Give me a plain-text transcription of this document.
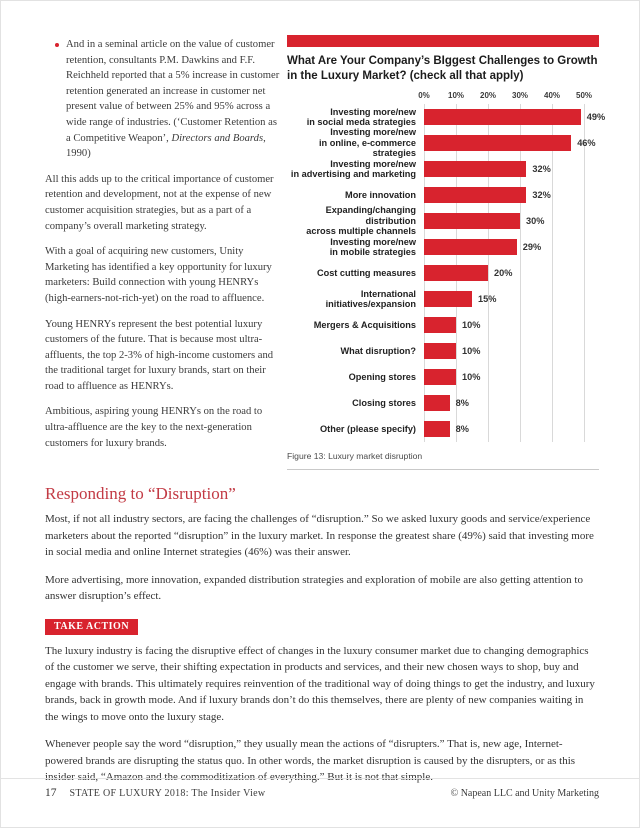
And in a seminal article on the value of customer retention, consultants P.M. Dawkins and F.F. Reichheld reported that a 5% increase in customer retention generated an increase in customer net present value of between 25% and 95% across a wide range of industries. (‘Customer Retention as a Competitive Weapon’, Directors and Boards, 1990)

All this adds up to the critical importance of customer retention and development, not at the expense of new customer acquisition strategies, but as a part of a company’s overall marketing strategy.

With a goal of acquiring new customers, Unity Marketing has identified a key opportunity for luxury marketers: Build connection with young HENRYs (high-earners-not-rich-yet) on the road to affluence.

Young HENRYs represent the best potential luxury customers of the future. That is because most ultra-affluents, the top 2-3% of high-income customers and the traditional target for luxury brands, start on their road to affluence as HENRYs.

Ambitious, aspiring young HENRYs on the road to ultra-affluence are the key to the next-generation customers for luxury brands.

What Are Your Company’s BIggest Challenges to Growth in the Luxury Market? (check all that apply)
0% 10% 20% 30% 40% 50%
Investing more/new
in social meda strategies	49%
Investing more/new
in online, e-commerce strategies
46%
Investing more/new
in advertising and marketing	32%
More innovation	32%
Expanding/changing distribution
across multiple channels
30%
Investing more/new
in mobile strategies	29%
Cost cutting measures	20%
International
initiatives/expansion	15%
Mergers & Acquisitions	10%
What disruption?	10%
Opening stores	10%
Closing stores	8%
Other (please specify)	8%
Figure 13: Luxury market disruption
Responding to “Disruption”

Most, if not all industry sectors, are facing the challenges of “disruption.” So we asked luxury goods and service/experience marketers about the reported “disruption” in the luxury market. In response the greatest share (49%) said that investing more in social media and online Internet strategies (46%) was their answer.

More advertising, more innovation, expanded distribution strategies and exploration of mobile are also getting attention to answer disruption’s effect.

TAKE ACTION

The luxury industry is facing the disruptive effect of changes in the luxury consumer market due to changing demographics of the customer we serve, their shifting expectation in products and services, and their new chosen ways to shop, buy and engage with brands. This ultimately requires reinvention of the traditional way of doing things to get the industry, and luxury brands, back in growth mode. And if luxury brands don’t do this themselves, there are plenty of new companies waiting in the wings to move onto the luxury stage.

Whenever people say the word “disruption,” they usually mean the actions of “disrupters.” That is, new age, Internet-powered brands are disrupting the status quo. In other words, the market disruption is caused by the disrupters, or as this insider said, “Amazon and the commoditization of everything.” But it is not that simple.

17 STATE OF LUXURY 2018: The Insider View	© Napean LLC and Unity Marketing
